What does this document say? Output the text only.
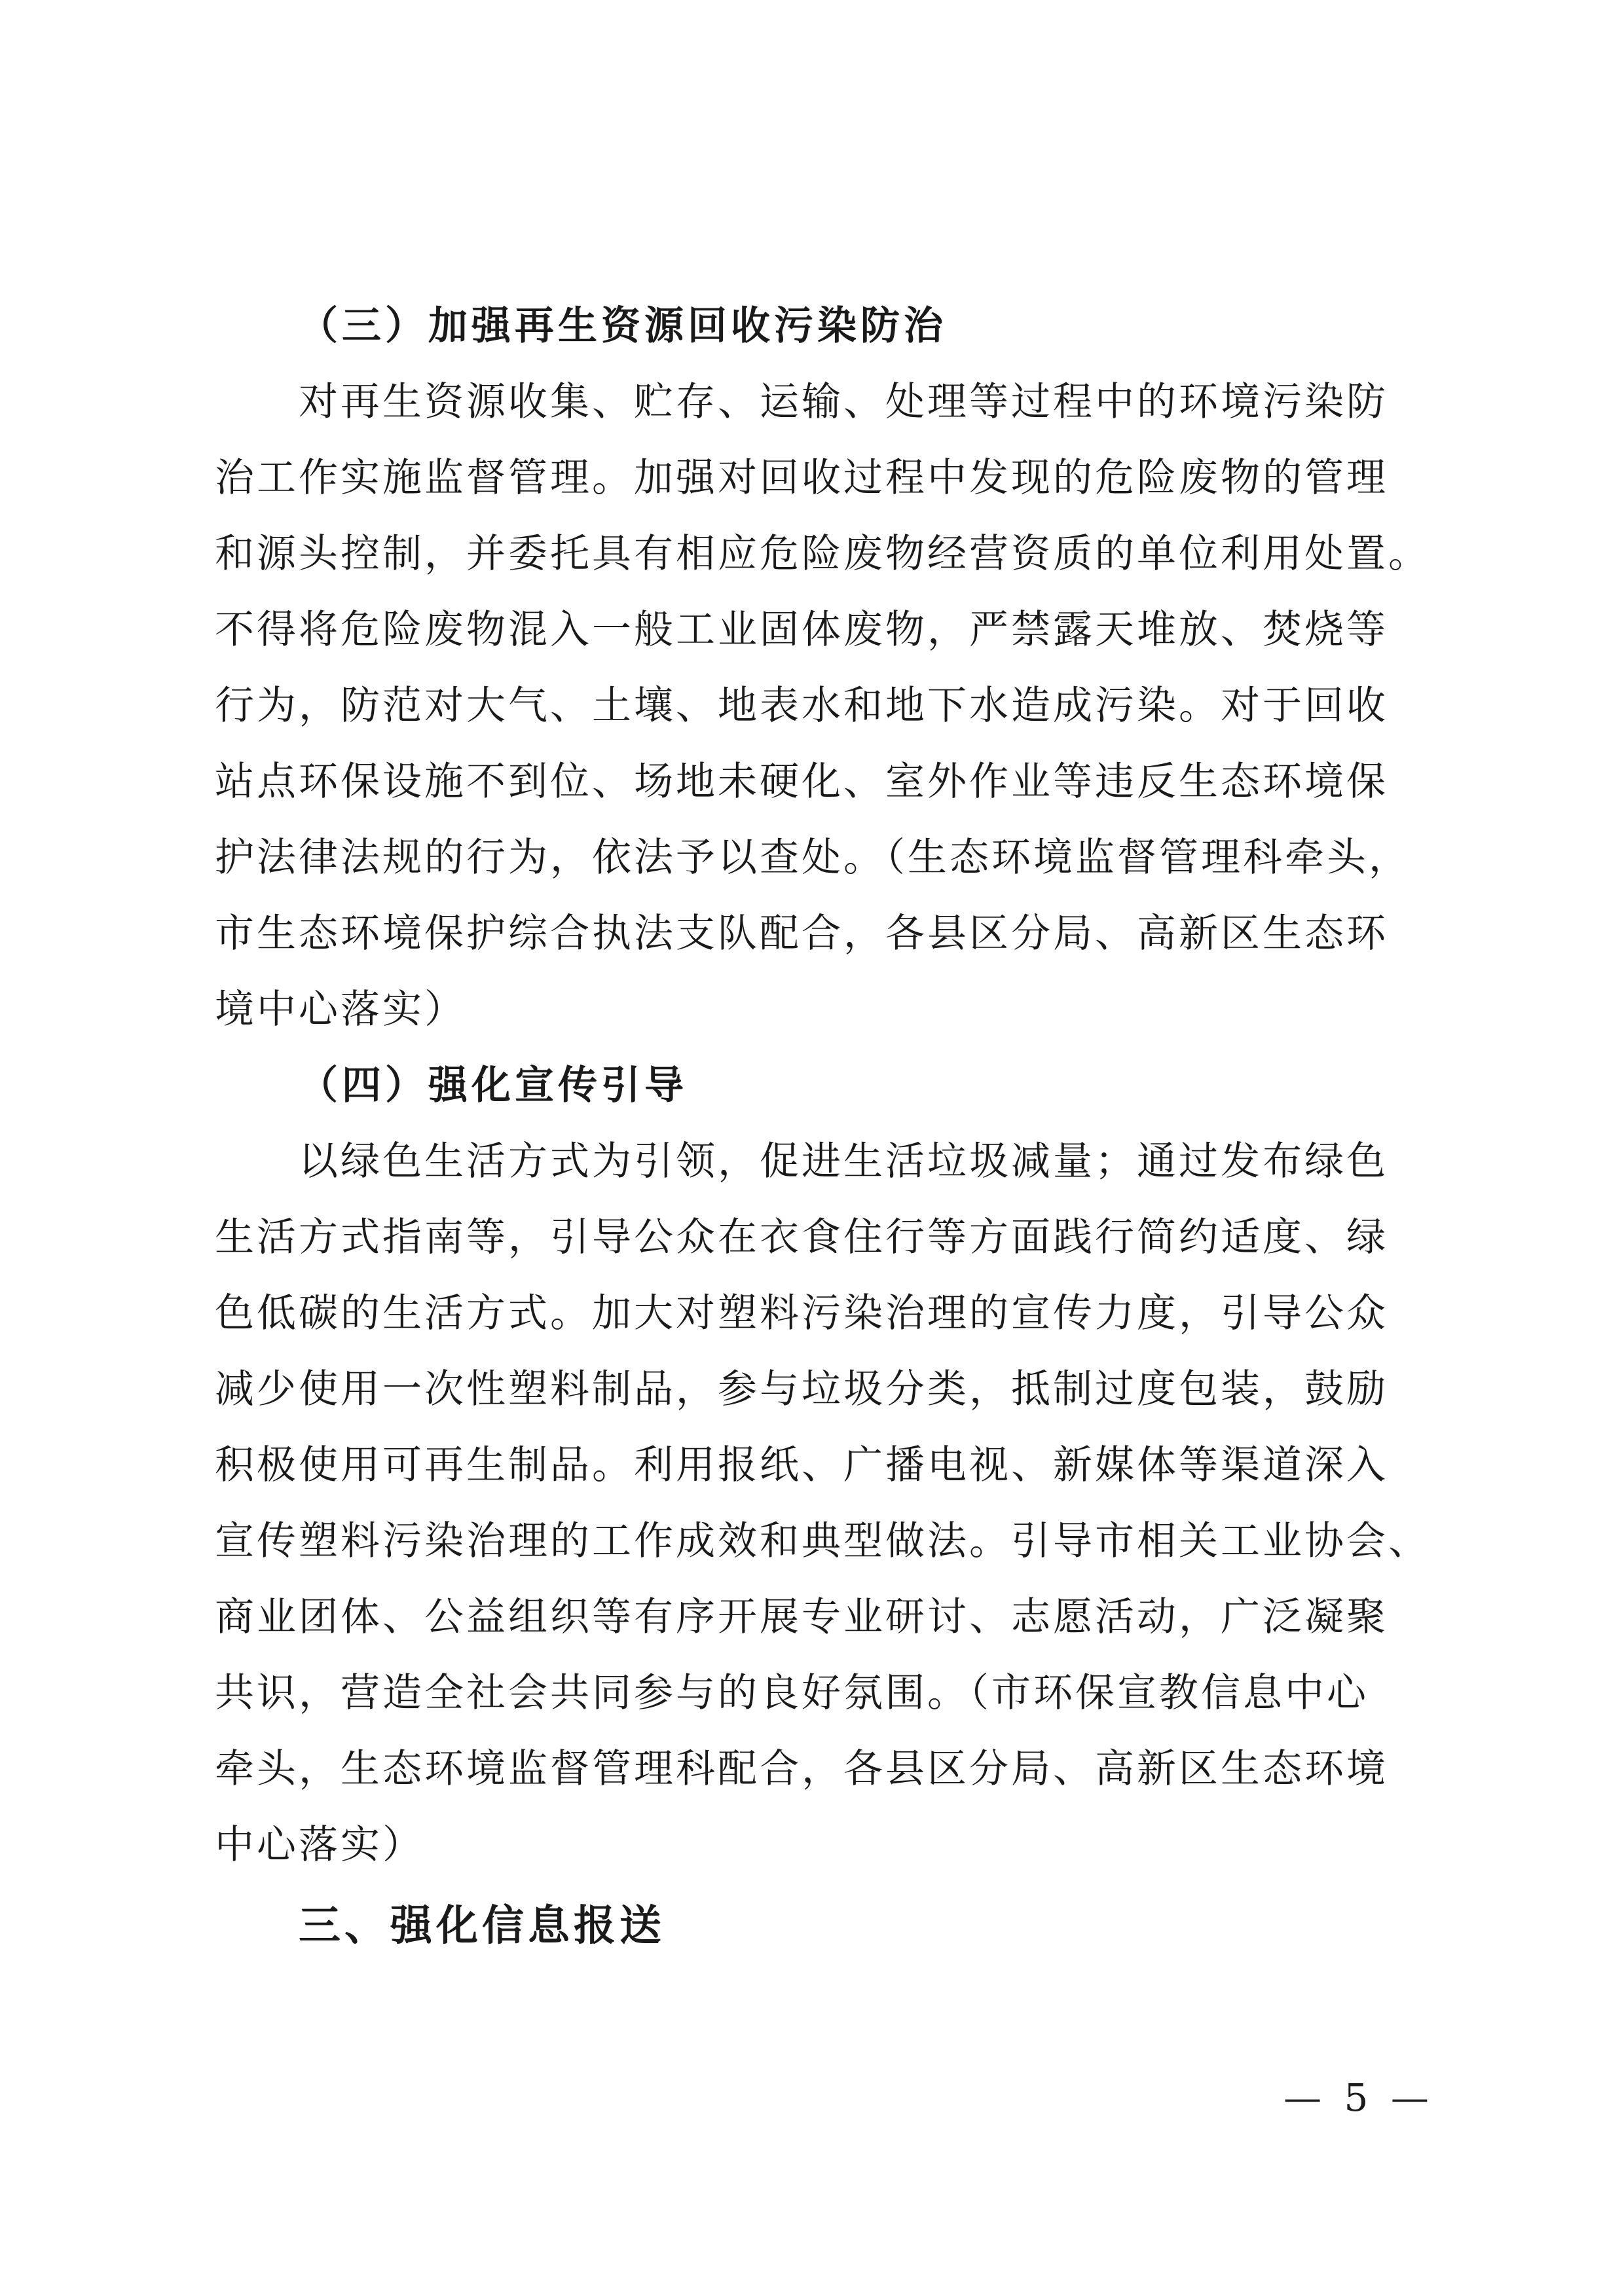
（三）加强再生资源回收污染防治
对再生资源收集、贮存、运输、处理等过程中的环境污染防
治工作实施监督管理。加强对回收过程中发现的危险废物的管理
和源头控制，并委托具有相应危险废物经营资质的单位利用处置。
不得将危险废物混入一般工业固体废物，严禁露天堆放、焚烧等
行为，防范对大气、土壤、地表水和地下水造成污染。对于回收
站点环保设施不到位、场地未硬化、室外作业等违反生态环境保
护法律法规的行为，依法予以查处。（生态环境监督管理科牵头，
市生态环境保护综合执法支队配合，各县区分局、高新区生态环
境中心落实）
（四）强化宣传引导
以绿色生活方式为引领，促进生活垃圾减量；通过发布绿色
生活方式指南等，引导公众在衣食住行等方面践行简约适度、绿
色低碳的生活方式。加大对塑料污染治理的宣传力度，引导公众
减少使用一次性塑料制品，参与垃圾分类，抵制过度包装，鼓励
积极使用可再生制品。利用报纸、广播电视、新媒体等渠道深入
宣传塑料污染治理的工作成效和典型做法。引导市相关工业协会、
商业团体、公益组织等有序开展专业研讨、志愿活动，广泛凝聚
共识，营造全社会共同参与的良好氛围。（市环保宣教信息中心
牵头，生态环境监督管理科配合，各县区分局、高新区生态环境
中心落实）
三、强化信息报送
— 5 —
